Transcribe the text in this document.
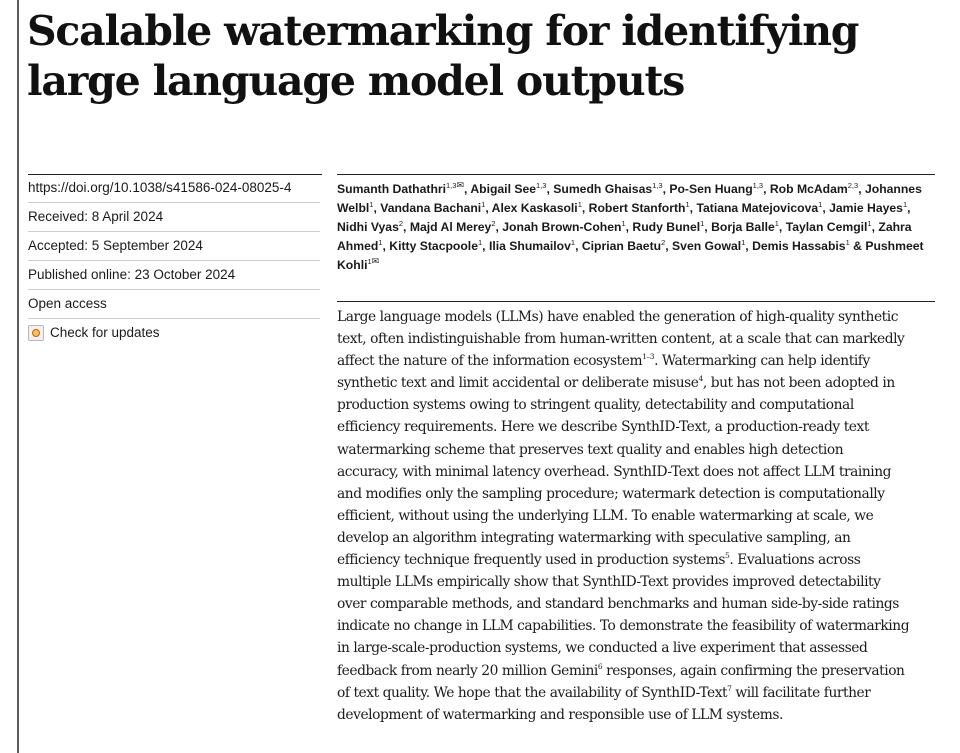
Scalable watermarking for identifying large language model outputs
https://doi.org/10.1038/s41586-024-08025-4
Received: 8 April 2024
Accepted: 5 September 2024
Published online: 23 October 2024
Open access
Check for updates

Sumanth Dathathri$^{1,3✉}$, Abigail See$^{1,3}$, Sumedh Ghaisas$^{1,3}$, Po-Sen Huang$^{1,3}$, Rob McAdam$^{2,3}$, Johannes Welbl$^1$, Vandana Bachani$^1$, Alex Kaskasoli$^1$, Robert Stanforth$^1$, Tatiana Matejovicova$^1$, Jamie Hayes$^1$, Nidhi Vyas$^2$, Majd Al Merey$^2$, Jonah Brown-Cohen$^1$, Rudy Bunel$^1$, Borja Balle$^1$, Taylan Cemgil$^1$, Zahra Ahmed$^1$, Kitty Stacpoole$^1$, Ilia Shumailov$^1$, Ciprian Baetu$^2$, Sven Gowal$^1$, Demis Hassabis$^1$ & Pushmeet Kohli$^{1✉}$

Large language models (LLMs) have enabled the generation of high-quality synthetic
text, often indistinguishable from human-written content, at a scale that can markedly
affect the nature of the information ecosystem$^{1-3}$. Watermarking can help identify
synthetic text and limit accidental or deliberate misuse$^4$, but has not been adopted in
production systems owing to stringent quality, detectability and computational
efficiency requirements. Here we describe SynthID-Text, a production-ready text
watermarking scheme that preserves text quality and enables high detection
accuracy, with minimal latency overhead. SynthID-Text does not affect LLM training
and modifies only the sampling procedure; watermark detection is computationally
efficient, without using the underlying LLM. To enable watermarking at scale, we
develop an algorithm integrating watermarking with speculative sampling, an
efficiency technique frequently used in production systems$^5$. Evaluations across
multiple LLMs empirically show that SynthID-Text provides improved detectability
over comparable methods, and standard benchmarks and human side-by-side ratings
indicate no change in LLM capabilities. To demonstrate the feasibility of watermarking
in large-scale-production systems, we conducted a live experiment that assessed
feedback from nearly 20 million Gemini$^6$ responses, again confirming the preservation
of text quality. We hope that the availability of SynthID-Text$^7$ will facilitate further
development of watermarking and responsible use of LLM systems.
